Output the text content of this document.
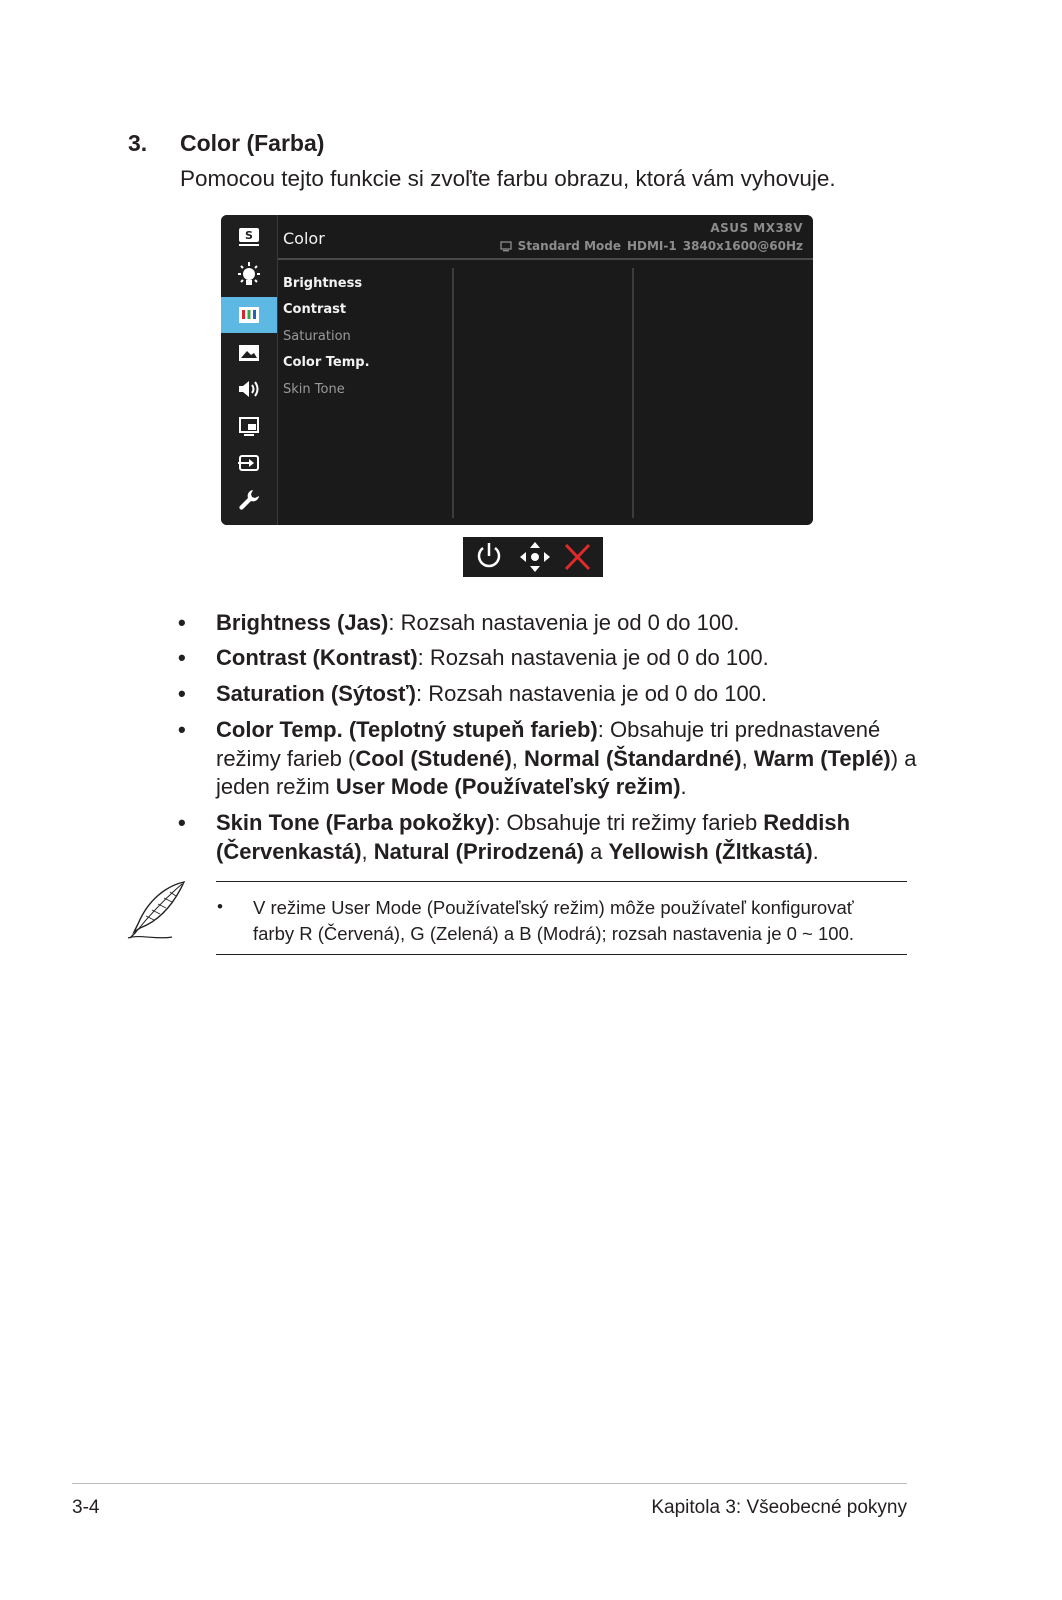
3. Color (Farba)
Pomocou tejto funkcie si zvoľte farbu obrazu, ktorá vám vyhovuje.
S Color
ASUS MX38V
Standard Mode HDMI-1 3840x1600@60Hz
Brightness
Contrast
Saturation
Color Temp.
Skin Tone
• Brightness (Jas): Rozsah nastavenia je od 0 do 100.
• Contrast (Kontrast): Rozsah nastavenia je od 0 do 100.
• Saturation (Sýtosť): Rozsah nastavenia je od 0 do 100.
• Color Temp. (Teplotný stupeň farieb): Obsahuje tri prednastavené
režimy farieb (Cool (Studené), Normal (Štandardné), Warm (Teplé)) a
jeden režim User Mode (Používateľský režim).
• Skin Tone (Farba pokožky): Obsahuje tri režimy farieb Reddish
(Červenkastá), Natural (Prirodzená) a Yellowish (Žltkastá).
• V režime User Mode (Používateľský režim) môže používateľ konfigurovať
farby R (Červená), G (Zelená) a B (Modrá); rozsah nastavenia je 0 ~ 100.
3-4	Kapitola 3: Všeobecné pokyny
